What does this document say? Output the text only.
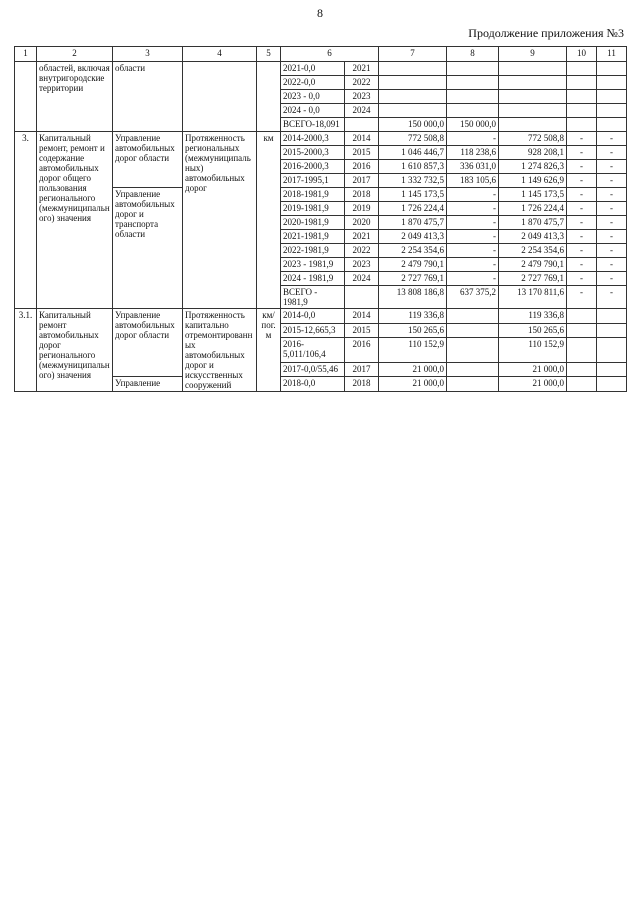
8
Продолжение приложения №3
1	2	3	4	5	6		7	8	9	10	11
	областей, включая внутригородские территории	области			2021-0,0	2021					
					2022-0,0	2022					
					2023 - 0,0	2023					
					2024 - 0,0	2024					
					ВСЕГО-18,091		150 000,0	150 000,0			
3.	Капитальный ремонт, ремонт и содержание автомобильных дорог общего пользования регионального (межмуниципального) значения	Управление автомобильных дорог области	Протяженность региональных (межмуниципальных) автомобильных дорог	км	2014-2000,3	2014	772 508,8	-	772 508,8	-	-
					2015-2000,3	2015	1 046 446,7	118 238,6	928 208,1	-	-
					2016-2000,3	2016	1 610 857,3	336 031,0	1 274 826,3	-	-
					2017-1995,1	2017	1 332 732,5	183 105,6	1 149 626,9	-	-
		Управление автомобильных дорог и транспорта области			2018-1981,9	2018	1 145 173,5	-	1 145 173,5	-	-
					2019-1981,9	2019	1 726 224,4	-	1 726 224,4	-	-
					2020-1981,9	2020	1 870 475,7	-	1 870 475,7	-	-
					2021-1981,9	2021	2 049 413,3	-	2 049 413,3	-	-
					2022-1981,9	2022	2 254 354,6	-	2 254 354,6	-	-
					2023 - 1981,9	2023	2 479 790,1	-	2 479 790,1	-	-
					2024 - 1981,9	2024	2 727 769,1	-	2 727 769,1	-	-
					ВСЕГО - 1981,9		13 808 186,8	637 375,2	13 170 811,6	-	-
3.1.	Капитальный ремонт автомобильных дорог регионального (межмуниципального) значения	Управление автомобильных дорог области	Протяженность капитально отремонтированных автомобильных дорог и искусственных сооружений	км/пог. м	2014-0,0	2014	119 336,8		119 336,8		
					2015-12,665,3	2015	150 265,6		150 265,6		
					2016-5,011/106,4	2016	110 152,9		110 152,9		
					2017-0,0/55,46	2017	21 000,0		21 000,0		
		Управление			2018-0,0	2018	21 000,0		21 000,0		
